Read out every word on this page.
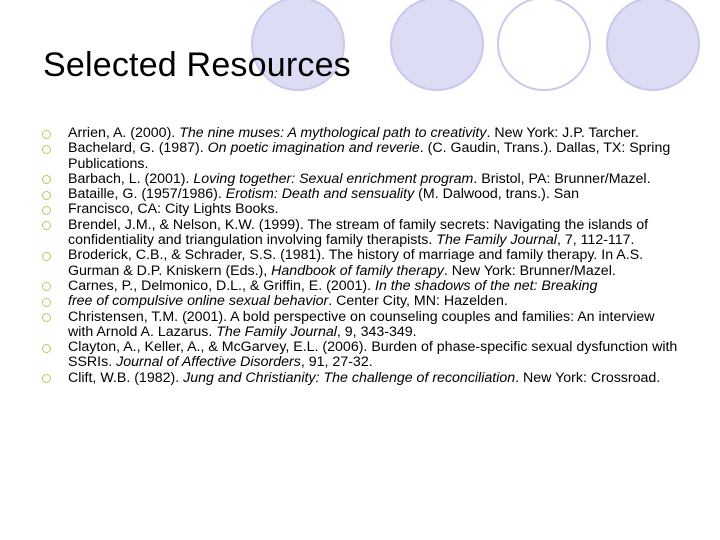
Selected Resources
Arrien, A. (2000). The nine muses: A mythological path to creativity. New York: J.P. Tarcher.
Bachelard, G. (1987). On poetic imagination and reverie. (C. Gaudin, Trans.). Dallas, TX: Spring Publications.
Barbach, L. (2001). Loving together: Sexual enrichment program. Bristol, PA: Brunner/Mazel.
Bataille, G. (1957/1986). Erotism: Death and sensuality (M. Dalwood, trans.). San
Francisco, CA: City Lights Books.
Brendel, J.M., & Nelson, K.W. (1999). The stream of family secrets: Navigating the islands of confidentiality and triangulation involving family therapists. The Family Journal, 7, 112-117.
Broderick, C.B., & Schrader, S.S. (1981). The history of marriage and family therapy. In A.S. Gurman & D.P. Kniskern (Eds.), Handbook of family therapy. New York: Brunner/Mazel.
Carnes, P., Delmonico, D.L., & Griffin, E. (2001). In the shadows of the net: Breaking
free of compulsive online sexual behavior. Center City, MN: Hazelden.
Christensen, T.M. (2001). A bold perspective on counseling couples and families: An interview with Arnold A. Lazarus. The Family Journal, 9, 343-349.
Clayton, A., Keller, A., & McGarvey, E.L. (2006). Burden of phase-specific sexual dysfunction with SSRIs. Journal of Affective Disorders, 91, 27-32.
Clift, W.B. (1982). Jung and Christianity: The challenge of reconciliation. New York: Crossroad.
